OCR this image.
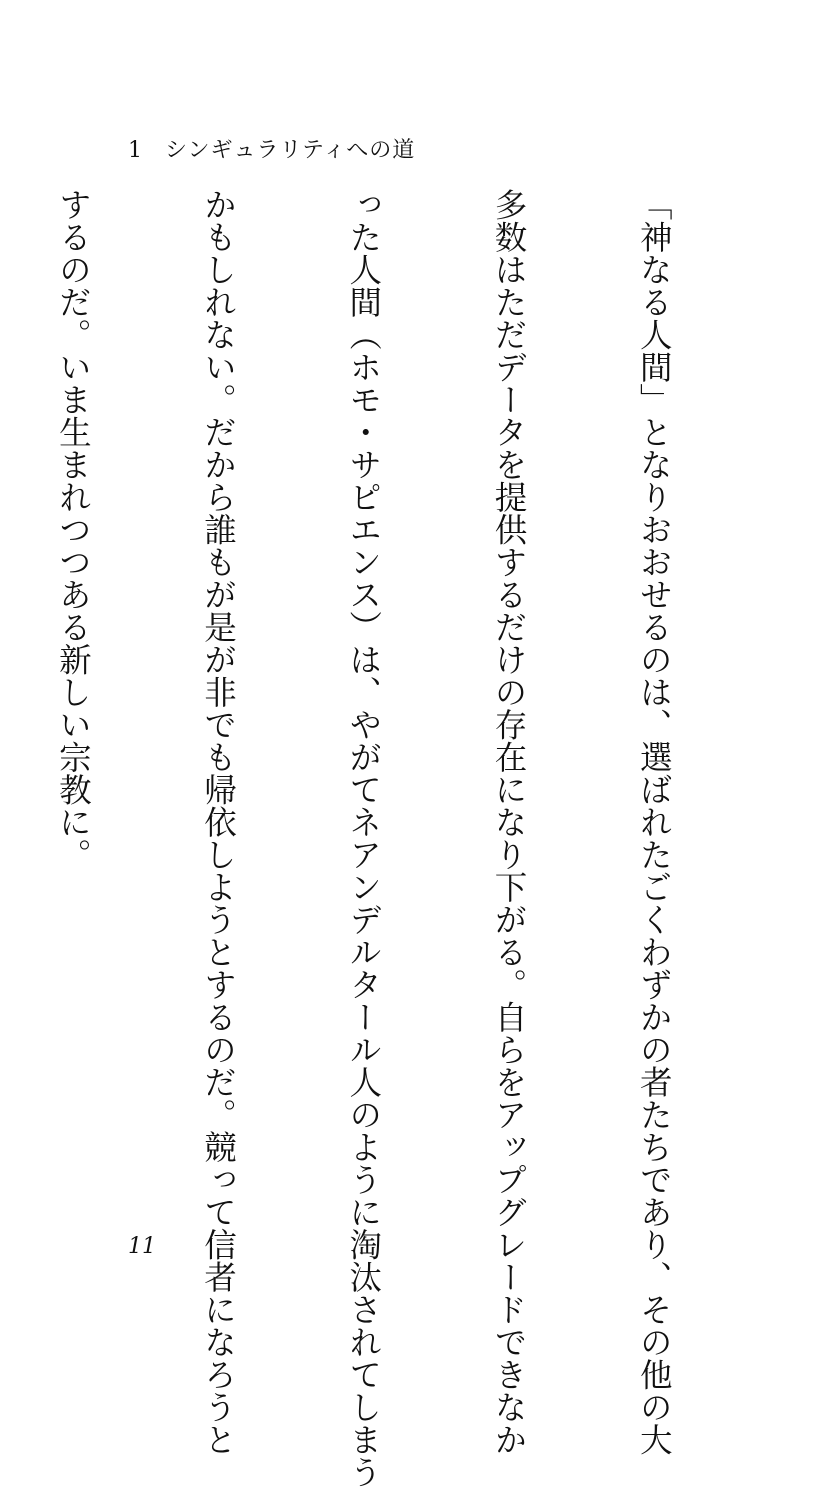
1 シンギュラリティへの道

「神なる人間」となりおおせるのは、選ばれたごくわずかの者たちであり、その他の大

多数はただデータを提供するだけの存在になり下がる。自らをアップグレードできなか

った人間（ホモ・サピエンス）は、やがてネアンデルタール人のように淘汰されてしまう

かもしれない。だから誰もが是が非でも帰依しようとするのだ。競って信者になろうと

するのだ。いま生まれつつある新しい宗教に。

11
